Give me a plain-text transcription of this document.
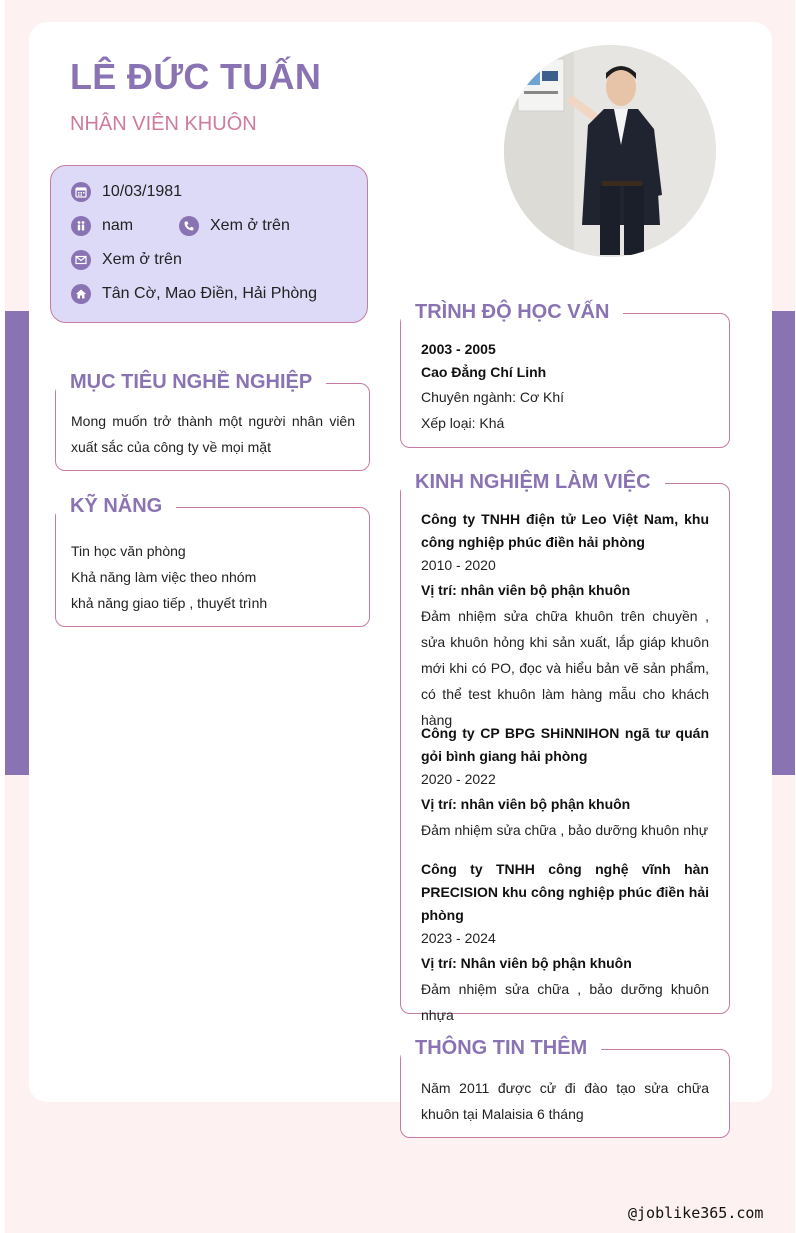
LÊ ĐỨC TUẤN
NHÂN VIÊN KHUÔN
10/03/1981
nam	Xem ở trên
Xem ở trên
Tân Cờ, Mao Điền, Hải Phòng
MỤC TIÊU NGHỀ NGHIỆP
Mong muốn trở thành một người nhân viên xuất sắc của công ty về mọi mặt
KỸ NĂNG
Tin học văn phòng
Khả năng làm việc theo nhóm
khả năng giao tiếp , thuyết trình
TRÌNH ĐỘ HỌC VẤN
2003 - 2005
Cao Đẳng Chí Linh
Chuyên ngành: Cơ Khí
Xếp loại: Khá
KINH NGHIỆM LÀM VIỆC
Công ty TNHH điện tử Leo Việt Nam, khu công nghiệp phúc điền hải phòng
2010 - 2020
Vị trí: nhân viên bộ phận khuôn
Đảm nhiệm sửa chữa khuôn trên chuyền , sửa khuôn hỏng khi sản xuất, lắp giáp khuôn mới khi có PO, đọc và hiểu bản vẽ sản phẩm, có thể test khuôn làm hàng mẫu cho khách hàng
Công ty CP BPG SHiNNIHON ngã tư quán gỏi bình giang hải phòng
2020 - 2022
Vị trí: nhân viên bộ phận khuôn
Đảm nhiệm sửa chữa , bảo dưỡng khuôn nhự
Công ty TNHH công nghệ vĩnh hàn PRECISION khu công nghiệp phúc điền hải phòng
2023 - 2024
Vị trí: Nhân viên bộ phận khuôn
Đảm nhiệm sửa chữa , bảo dưỡng khuôn nhựa
THÔNG TIN THÊM
Năm 2011 được cử đi đào tạo sửa chữa khuôn tại Malaisia 6 tháng
@joblike365.com
